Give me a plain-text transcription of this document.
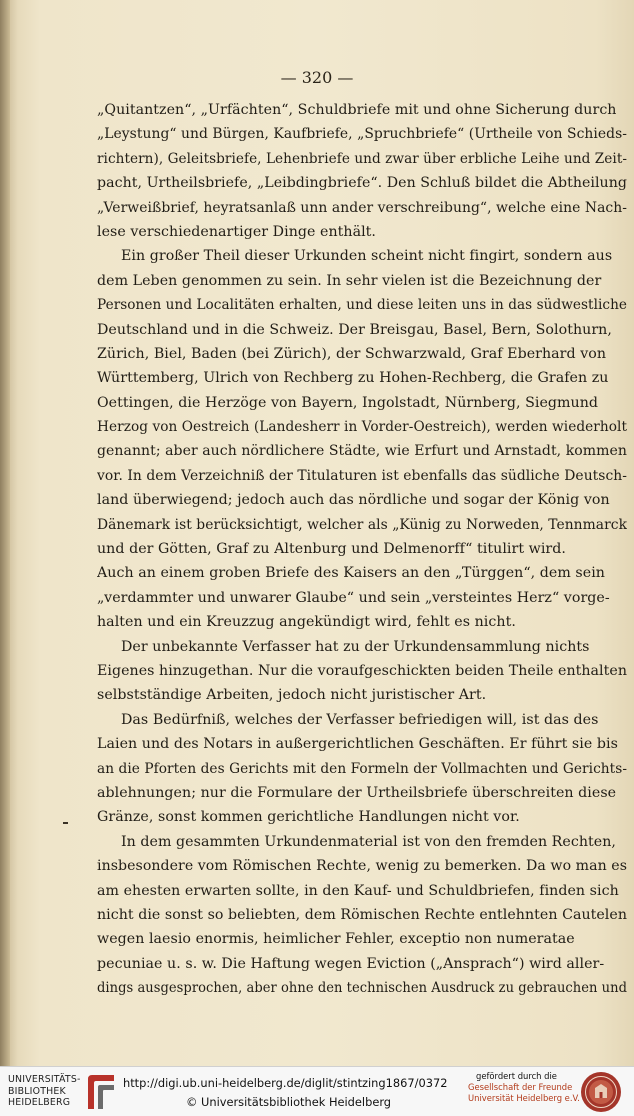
— 320 —
„Quitantzen“, „Urfächten“, Schuldbriefe mit und ohne Sicherung durch
„Leystung“ und Bürgen, Kaufbriefe, „Spruchbriefe“ (Urtheile von Schieds-
richtern), Geleitsbriefe, Lehenbriefe und zwar über erbliche Leihe und Zeit-
pacht, Urtheilsbriefe, „Leibdingbriefe“. Den Schluß bildet die Abtheilung
„Verweißbrief, heyratsanlaß unn ander verschreibung“, welche eine Nach-
lese verschiedenartiger Dinge enthält.
Ein großer Theil dieser Urkunden scheint nicht fingirt, sondern aus
dem Leben genommen zu sein. In sehr vielen ist die Bezeichnung der
Personen und Localitäten erhalten, und diese leiten uns in das südwestliche
Deutschland und in die Schweiz. Der Breisgau, Basel, Bern, Solothurn,
Zürich, Biel, Baden (bei Zürich), der Schwarzwald, Graf Eberhard von
Württemberg, Ulrich von Rechberg zu Hohen-Rechberg, die Grafen zu
Oettingen, die Herzöge von Bayern, Ingolstadt, Nürnberg, Siegmund
Herzog von Oestreich (Landesherr in Vorder-Oestreich), werden wiederholt
genannt; aber auch nördlichere Städte, wie Erfurt und Arnstadt, kommen
vor. In dem Verzeichniß der Titulaturen ist ebenfalls das südliche Deutsch-
land überwiegend; jedoch auch das nördliche und sogar der König von
Dänemark ist berücksichtigt, welcher als „Künig zu Norweden, Tennmarck
und der Götten, Graf zu Altenburg und Delmenorff“ titulirt wird.
Auch an einem groben Briefe des Kaisers an den „Türggen“, dem sein
„verdammter und unwarer Glaube“ und sein „versteintes Herz“ vorge-
halten und ein Kreuzzug angekündigt wird, fehlt es nicht.
Der unbekannte Verfasser hat zu der Urkundensammlung nichts
Eigenes hinzugethan. Nur die voraufgeschickten beiden Theile enthalten
selbstständige Arbeiten, jedoch nicht juristischer Art.
Das Bedürfniß, welches der Verfasser befriedigen will, ist das des
Laien und des Notars in außergerichtlichen Geschäften. Er führt sie bis
an die Pforten des Gerichts mit den Formeln der Vollmachten und Gerichts-
ablehnungen; nur die Formulare der Urtheilsbriefe überschreiten diese
Gränze, sonst kommen gerichtliche Handlungen nicht vor.
In dem gesammten Urkundenmaterial ist von den fremden Rechten,
insbesondere vom Römischen Rechte, wenig zu bemerken. Da wo man es
am ehesten erwarten sollte, in den Kauf- und Schuldbriefen, finden sich
nicht die sonst so beliebten, dem Römischen Rechte entlehnten Cautelen
wegen laesio enormis, heimlicher Fehler, exceptio non numeratae
pecuniae u. s. w. Die Haftung wegen Eviction („Ansprach“) wird aller-
dings ausgesprochen, aber ohne den technischen Ausdruck zu gebrauchen und
UNIVERSITÄTS-
BIBLIOTHEK
HEIDELBERG
http://digi.ub.uni-heidelberg.de/diglit/stintzing1867/0372
© Universitätsbibliothek Heidelberg
gefördert durch die
Gesellschaft der Freunde
Universität Heidelberg e.V.
